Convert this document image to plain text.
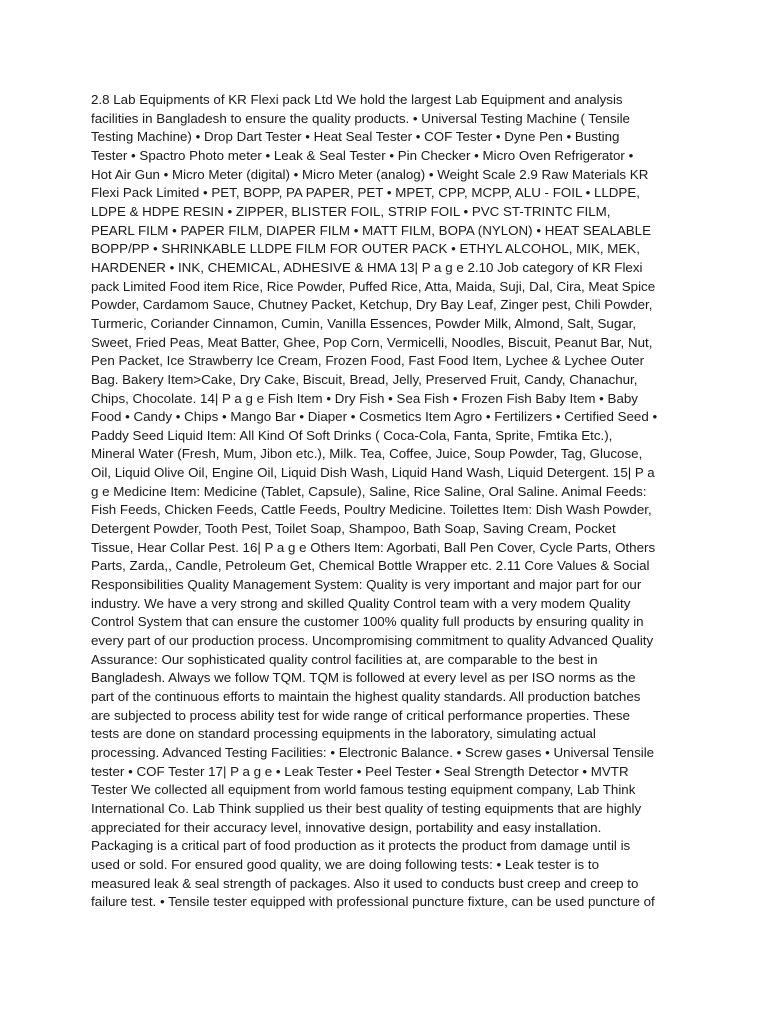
2.8 Lab Equipments of KR Flexi pack Ltd We hold the largest Lab Equipment and analysis
facilities in Bangladesh to ensure the quality products. • Universal Testing Machine ( Tensile
Testing Machine) • Drop Dart Tester • Heat Seal Tester • COF Tester • Dyne Pen • Busting
Tester • Spactro Photo meter • Leak & Seal Tester • Pin Checker • Micro Oven Refrigerator •
Hot Air Gun • Micro Meter (digital) • Micro Meter (analog) • Weight Scale 2.9 Raw Materials KR
Flexi Pack Limited • PET, BOPP, PA PAPER, PET • MPET, CPP, MCPP, ALU - FOIL • LLDPE,
LDPE & HDPE RESIN • ZIPPER, BLISTER FOIL, STRIP FOIL • PVC ST-TRINTC FILM,
PEARL FILM • PAPER FILM, DIAPER FILM • MATT FILM, BOPA (NYLON) • HEAT SEALABLE
BOPP/PP • SHRINKABLE LLDPE FILM FOR OUTER PACK • ETHYL ALCOHOL, MIK, MEK,
HARDENER • INK, CHEMICAL, ADHESIVE & HMA 13| P a g e 2.10 Job category of KR Flexi
pack Limited Food item Rice, Rice Powder, Puffed Rice, Atta, Maida, Suji, Dal, Cira, Meat Spice
Powder, Cardamom Sauce, Chutney Packet, Ketchup, Dry Bay Leaf, Zinger pest, Chili Powder,
Turmeric, Coriander Cinnamon, Cumin, Vanilla Essences, Powder Milk, Almond, Salt, Sugar,
Sweet, Fried Peas, Meat Batter, Ghee, Pop Corn, Vermicelli, Noodles, Biscuit, Peanut Bar, Nut,
Pen Packet, Ice Strawberry Ice Cream, Frozen Food, Fast Food Item, Lychee & Lychee Outer
Bag. Bakery Item>Cake, Dry Cake, Biscuit, Bread, Jelly, Preserved Fruit, Candy, Chanachur,
Chips, Chocolate. 14| P a g e Fish Item • Dry Fish • Sea Fish • Frozen Fish Baby Item • Baby
Food • Candy • Chips • Mango Bar • Diaper • Cosmetics Item Agro • Fertilizers • Certified Seed •
Paddy Seed Liquid Item: All Kind Of Soft Drinks ( Coca-Cola, Fanta, Sprite, Fmtika Etc.),
Mineral Water (Fresh, Mum, Jibon etc.), Milk. Tea, Coffee, Juice, Soup Powder, Tag, Glucose,
Oil, Liquid Olive Oil, Engine Oil, Liquid Dish Wash, Liquid Hand Wash, Liquid Detergent. 15| P a
g e Medicine Item: Medicine (Tablet, Capsule), Saline, Rice Saline, Oral Saline. Animal Feeds:
Fish Feeds, Chicken Feeds, Cattle Feeds, Poultry Medicine. Toilettes Item: Dish Wash Powder,
Detergent Powder, Tooth Pest, Toilet Soap, Shampoo, Bath Soap, Saving Cream, Pocket
Tissue, Hear Collar Pest. 16| P a g e Others Item: Agorbati, Ball Pen Cover, Cycle Parts, Others
Parts, Zarda,, Candle, Petroleum Get, Chemical Bottle Wrapper etc. 2.11 Core Values & Social
Responsibilities Quality Management System: Quality is very important and major part for our
industry. We have a very strong and skilled Quality Control team with a very modem Quality
Control System that can ensure the customer 100% quality full products by ensuring quality in
every part of our production process. Uncompromising commitment to quality Advanced Quality
Assurance: Our sophisticated quality control facilities at, are comparable to the best in
Bangladesh. Always we follow TQM. TQM is followed at every level as per ISO norms as the
part of the continuous efforts to maintain the highest quality standards. All production batches
are subjected to process ability test for wide range of critical performance properties. These
tests are done on standard processing equipments in the laboratory, simulating actual
processing. Advanced Testing Facilities: • Electronic Balance. • Screw gases • Universal Tensile
tester • COF Tester 17| P a g e • Leak Tester • Peel Tester • Seal Strength Detector • MVTR
Tester We collected all equipment from world famous testing equipment company, Lab Think
International Co. Lab Think supplied us their best quality of testing equipments that are highly
appreciated for their accuracy level, innovative design, portability and easy installation.
Packaging is a critical part of food production as it protects the product from damage until is
used or sold. For ensured good quality, we are doing following tests: • Leak tester is to
measured leak & seal strength of packages. Also it used to conducts bust creep and creep to
failure test. • Tensile tester equipped with professional puncture fixture, can be used puncture of
